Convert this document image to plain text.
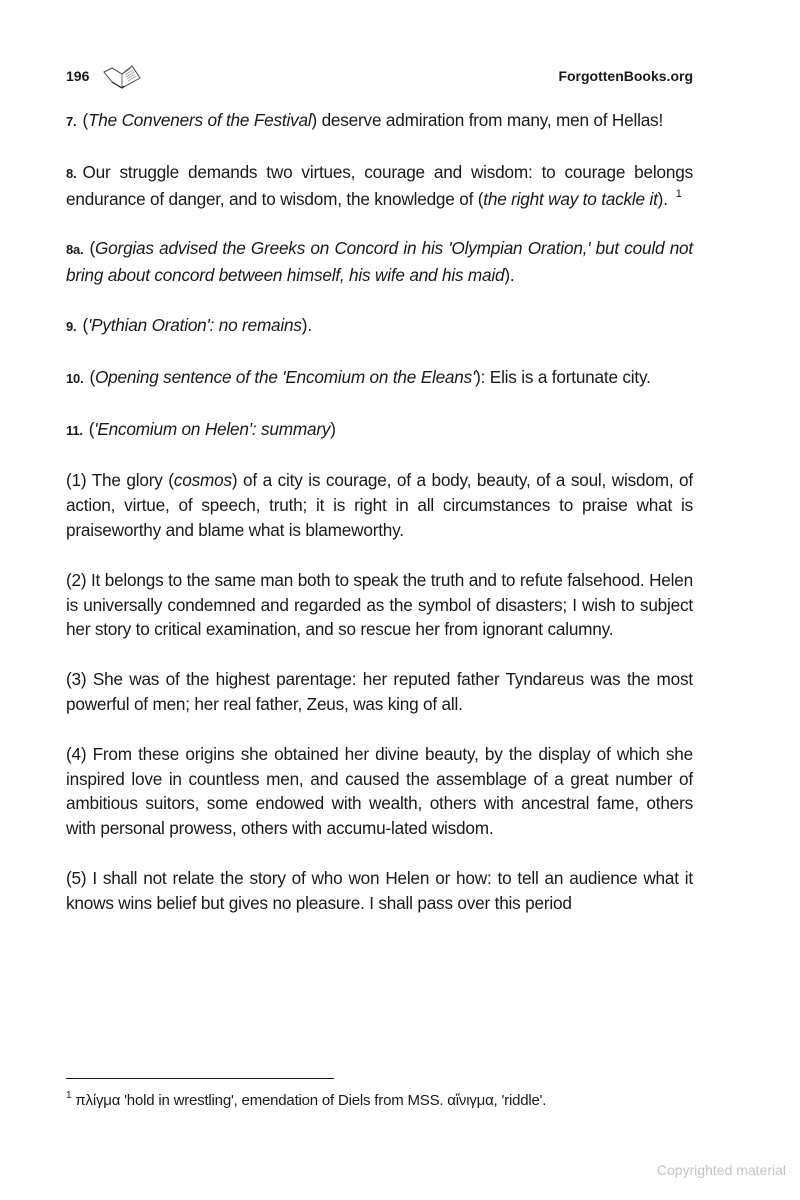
196	ForgottenBooks.org

7. (The Conveners of the Festival) deserve admiration from many, men of Hellas!

8. Our struggle demands two virtues, courage and wisdom: to courage belongs endurance of danger, and to wisdom, the knowledge of (the right way to tackle it). $^1$

8a. (Gorgias advised the Greeks on Concord in his 'Olympian Oration,' but could not bring about concord between himself, his wife and his maid).

9. ('Pythian Oration': no remains).

10. (Opening sentence of the 'Encomium on the Eleans'): Elis is a fortunate city.

11. ('Encomium on Helen': summary)

(1) The glory (cosmos) of a city is courage, of a body, beauty, of a soul, wisdom, of action, virtue, of speech, truth; it is right in all circumstances to praise what is praiseworthy and blame what is blameworthy.

(2) It belongs to the same man both to speak the truth and to refute falsehood. Helen is universally condemned and regarded as the symbol of disasters; I wish to subject her story to critical examination, and so rescue her from ignorant calumny.

(3) She was of the highest parentage: her reputed father Tyndareus was the most powerful of men; her real father, Zeus, was king of all.

(4) From these origins she obtained her divine beauty, by the display of which she inspired love in countless men, and caused the assemblage of a great number of ambitious suitors, some endowed with wealth, others with ancestral fame, others with personal prowess, others with accumu-lated wisdom.

(5) I shall not relate the story of who won Helen or how: to tell an audience what it knows wins belief but gives no pleasure. I shall pass over this period

$^1$ πλίγμα 'hold in wrestling', emendation of Diels from MSS. αἴνιγμα, 'riddle'.
Copyrighted material
